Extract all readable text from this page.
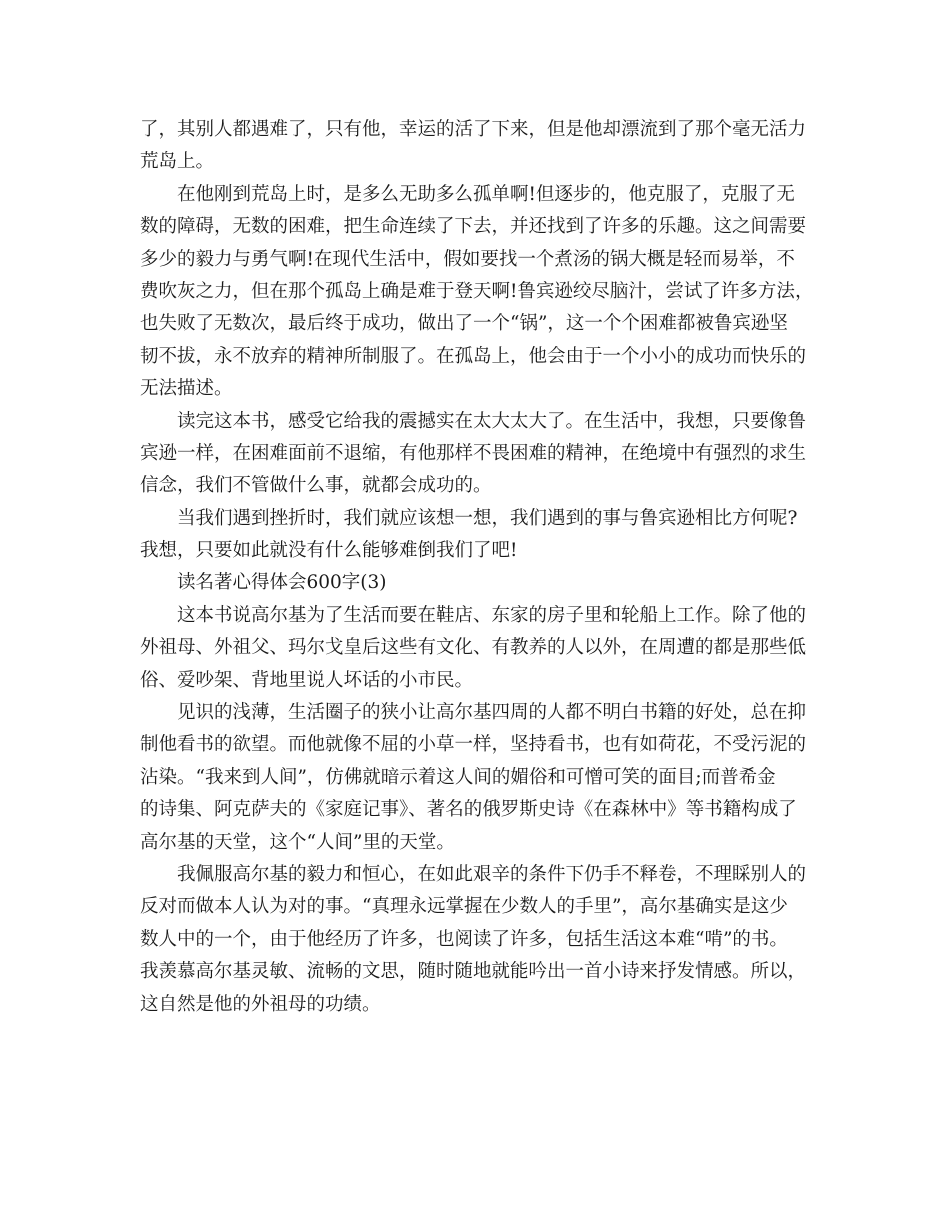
了，其别人都遇难了，只有他，幸运的活了下来，但是他却漂流到了那个毫无活力
荒岛上。
在他刚到荒岛上时，是多么无助多么孤单啊!但逐步的，他克服了，克服了无
数的障碍，无数的困难，把生命连续了下去，并还找到了许多的乐趣。这之间需要
多少的毅力与勇气啊!在现代生活中，假如要找一个煮汤的锅大概是轻而易举，不
费吹灰之力，但在那个孤岛上确是难于登天啊!鲁宾逊绞尽脑汁，尝试了许多方法，
也失败了无数次，最后终于成功，做出了一个“锅”，这一个个困难都被鲁宾逊坚
韧不拔，永不放弃的精神所制服了。在孤岛上，他会由于一个小小的成功而快乐的
无法描述。
读完这本书，感受它给我的震撼实在太大太大了。在生活中，我想，只要像鲁
宾逊一样，在困难面前不退缩，有他那样不畏困难的精神，在绝境中有强烈的求生
信念，我们不管做什么事，就都会成功的。
当我们遇到挫折时，我们就应该想一想，我们遇到的事与鲁宾逊相比方何呢?
我想，只要如此就没有什么能够难倒我们了吧!
读名著心得体会600字(3)
这本书说高尔基为了生活而要在鞋店、东家的房子里和轮船上工作。除了他的
外祖母、外祖父、玛尔戈皇后这些有文化、有教养的人以外，在周遭的都是那些低
俗、爱吵架、背地里说人坏话的小市民。
见识的浅薄，生活圈子的狭小让高尔基四周的人都不明白书籍的好处，总在抑
制他看书的欲望。而他就像不屈的小草一样，坚持看书，也有如荷花，不受污泥的
沾染。“我来到人间”，仿佛就暗示着这人间的媚俗和可憎可笑的面目;而普希金
的诗集、阿克萨夫的《家庭记事》、著名的俄罗斯史诗《在森林中》等书籍构成了
高尔基的天堂，这个“人间”里的天堂。
我佩服高尔基的毅力和恒心，在如此艰辛的条件下仍手不释卷，不理睬别人的
反对而做本人认为对的事。“真理永远掌握在少数人的手里”，高尔基确实是这少
数人中的一个，由于他经历了许多，也阅读了许多，包括生活这本难“啃”的书。
我羡慕高尔基灵敏、流畅的文思，随时随地就能吟出一首小诗来抒发情感。所以，
这自然是他的外祖母的功绩。
